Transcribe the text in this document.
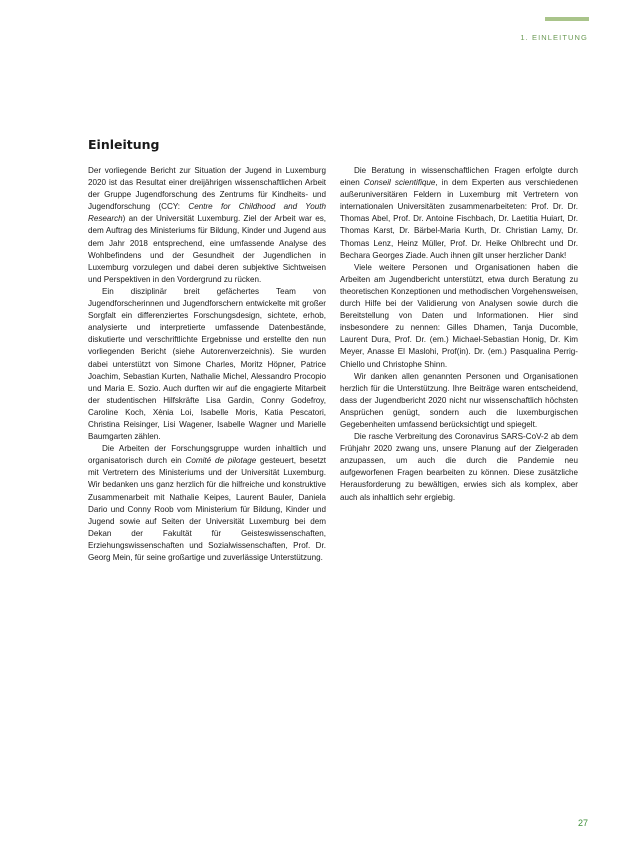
1. EINLEITUNG
Einleitung

Der vorliegende Bericht zur Situation der Jugend in Luxemburg 2020 ist das Resultat einer dreijährigen wissenschaftlichen Arbeit der Gruppe Jugendforschung des Zentrums für Kindheits- und Jugendforschung (CCY: Centre for Childhood and Youth Research) an der Universität Luxemburg. Ziel der Arbeit war es, dem Auftrag des Ministeriums für Bildung, Kinder und Jugend aus dem Jahr 2018 entsprechend, eine umfassende Analyse des Wohlbefindens und der Gesundheit der Jugendlichen in Luxemburg vorzulegen und dabei deren subjektive Sichtweisen und Perspektiven in den Vordergrund zu rücken.

Ein disziplinär breit gefächertes Team von Jugendforscherinnen und Jugendforschern entwickelte mit großer Sorgfalt ein differenziertes Forschungsdesign, sichtete, erhob, analysierte und interpretierte umfassende Datenbestände, diskutierte und verschriftlichte Ergebnisse und erstellte den nun vorliegenden Bericht (siehe Autorenverzeichnis). Sie wurden dabei unterstützt von Simone Charles, Moritz Höpner, Patrice Joachim, Sebastian Kurten, Nathalie Michel, Alessandro Procopio und Maria E. Sozio. Auch durften wir auf die engagierte Mitarbeit der studentischen Hilfskräfte Lisa Gardin, Conny Godefroy, Caroline Koch, Xènia Loi, Isabelle Moris, Katia Pescatori, Christina Reisinger, Lisi Wagener, Isabelle Wagner und Marielle Baumgarten zählen.

Die Arbeiten der Forschungsgruppe wurden inhaltlich und organisatorisch durch ein Comité de pilotage gesteuert, besetzt mit Vertretern des Ministeriums und der Universität Luxemburg. Wir bedanken uns ganz herzlich für die hilfreiche und konstruktive Zusammenarbeit mit Nathalie Keipes, Laurent Bauler, Daniela Dario und Conny Roob vom Ministerium für Bildung, Kinder und Jugend sowie auf Seiten der Universität Luxemburg bei dem Dekan der Fakultät für Geisteswissenschaften, Erziehungswissenschaften und Sozialwissenschaften, Prof. Dr. Georg Mein, für seine großartige und zuverlässige Unterstützung.

Die Beratung in wissenschaftlichen Fragen erfolgte durch einen Conseil scientifique, in dem Experten aus verschiedenen außeruniversitären Feldern in Luxemburg mit Vertretern von internationalen Universitäten zusammenarbeiteten: Prof. Dr. Dr. Thomas Abel, Prof. Dr. Antoine Fischbach, Dr. Laetitia Huiart, Dr. Thomas Karst, Dr. Bärbel-Maria Kurth, Dr. Christian Lamy, Dr. Thomas Lenz, Heinz Müller, Prof. Dr. Heike Ohlbrecht und Dr. Bechara Georges Ziade. Auch ihnen gilt unser herzlicher Dank!

Viele weitere Personen und Organisationen haben die Arbeiten am Jugendbericht unterstützt, etwa durch Beratung zu theoretischen Konzeptionen und methodischen Vorgehensweisen, durch Hilfe bei der Validierung von Analysen sowie durch die Bereitstellung von Daten und Informationen. Hier sind insbesondere zu nennen: Gilles Dhamen, Tanja Ducomble, Laurent Dura, Prof. Dr. (em.) Michael-Sebastian Honig, Dr. Kim Meyer, Anasse El Maslohi, Prof(in). Dr. (em.) Pasqualina Perrig-Chiello und Christophe Shinn.

Wir danken allen genannten Personen und Organisationen herzlich für die Unterstützung. Ihre Beiträge waren entscheidend, dass der Jugendbericht 2020 nicht nur wissenschaftlich höchsten Ansprüchen genügt, sondern auch die luxemburgischen Gegebenheiten umfassend berücksichtigt und spiegelt.

Die rasche Verbreitung des Coronavirus SARS-CoV-2 ab dem Frühjahr 2020 zwang uns, unsere Planung auf der Zielgeraden anzupassen, um auch die durch die Pandemie neu aufgeworfenen Fragen bearbeiten zu können. Diese zusätzliche Herausforderung zu bewältigen, erwies sich als komplex, aber auch als inhaltlich sehr ergiebig.

27
